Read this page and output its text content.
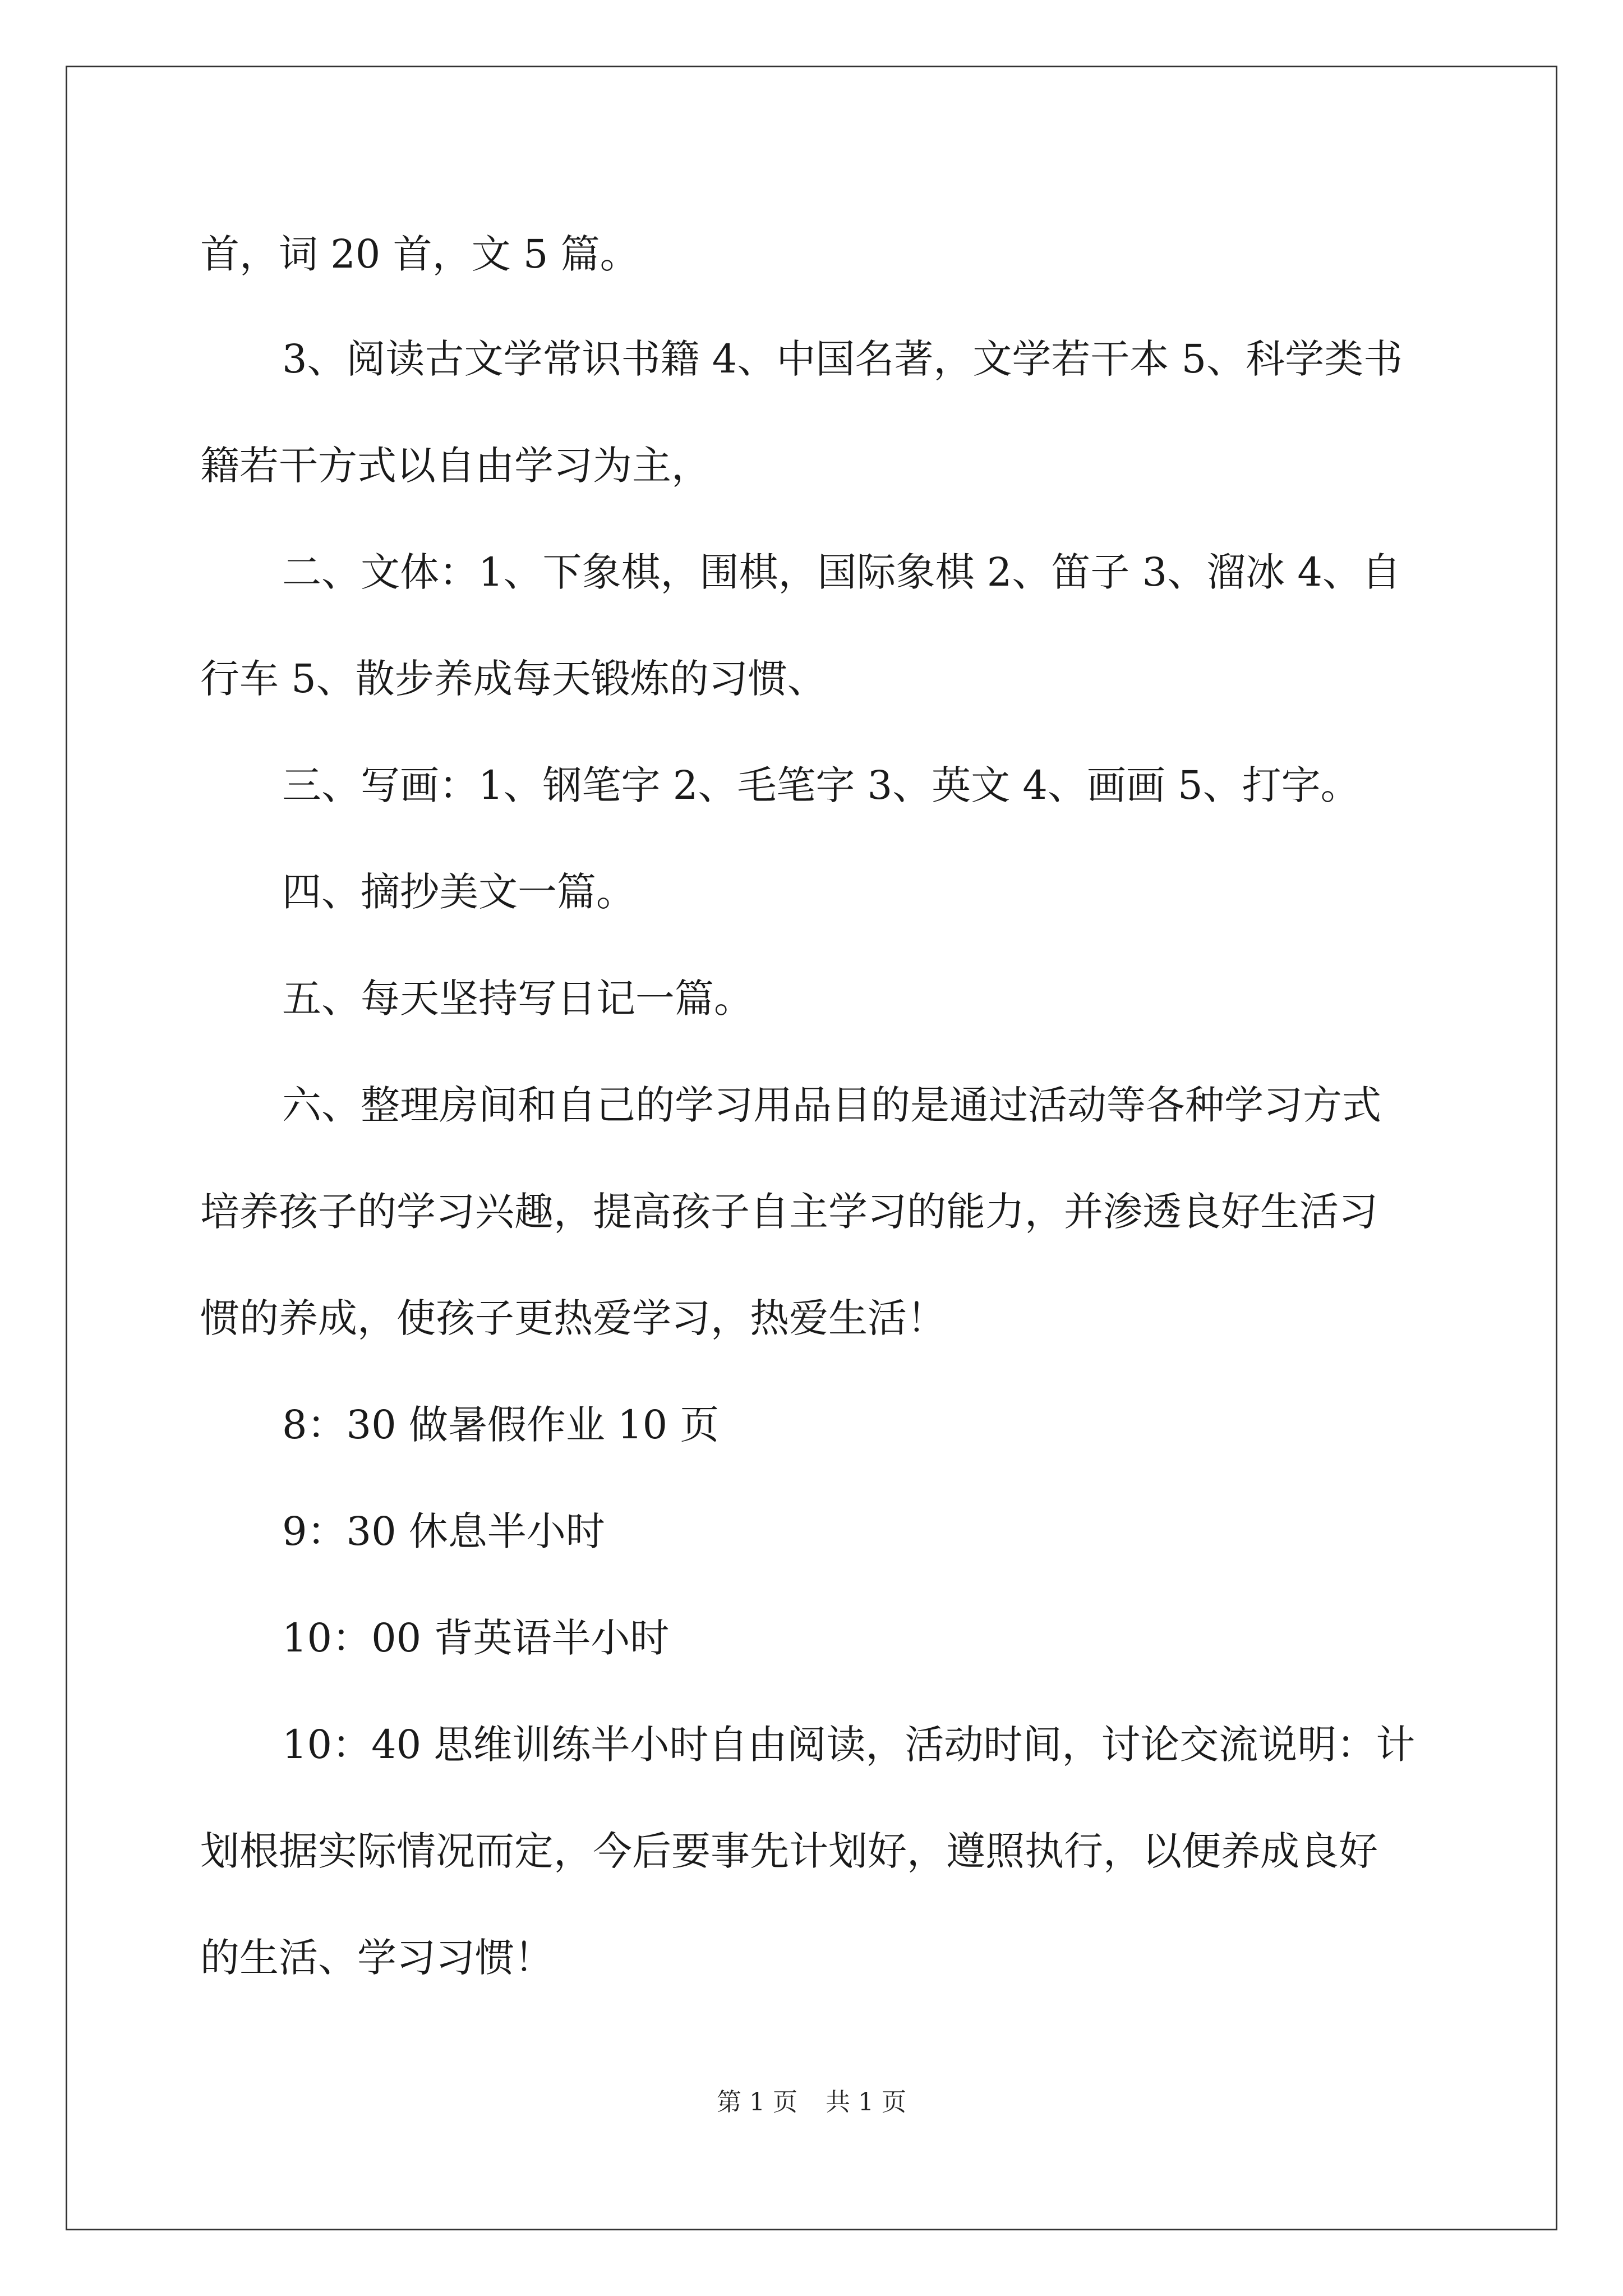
首，词 20 首，文 5 篇。
3、阅读古文学常识书籍 4、中国名著，文学若干本 5、科学类书
籍若干方式以自由学习为主，
二、文体：1、下象棋，围棋，国际象棋 2、笛子 3、溜冰 4、自
行车 5、散步养成每天锻炼的习惯、
三、写画：1、钢笔字 2、毛笔字 3、英文 4、画画 5、打字。
四、摘抄美文一篇。
五、每天坚持写日记一篇。
六、整理房间和自己的学习用品目的是通过活动等各种学习方式
培养孩子的学习兴趣，提高孩子自主学习的能力，并渗透良好生活习
惯的养成，使孩子更热爱学习，热爱生活！
8：30 做暑假作业 10 页
9：30 休息半小时
10：00 背英语半小时
10：40 思维训练半小时自由阅读，活动时间，讨论交流说明：计
划根据实际情况而定，今后要事先计划好，遵照执行，以便养成良好
的生活、学习习惯！
第 1 页 共 1 页
